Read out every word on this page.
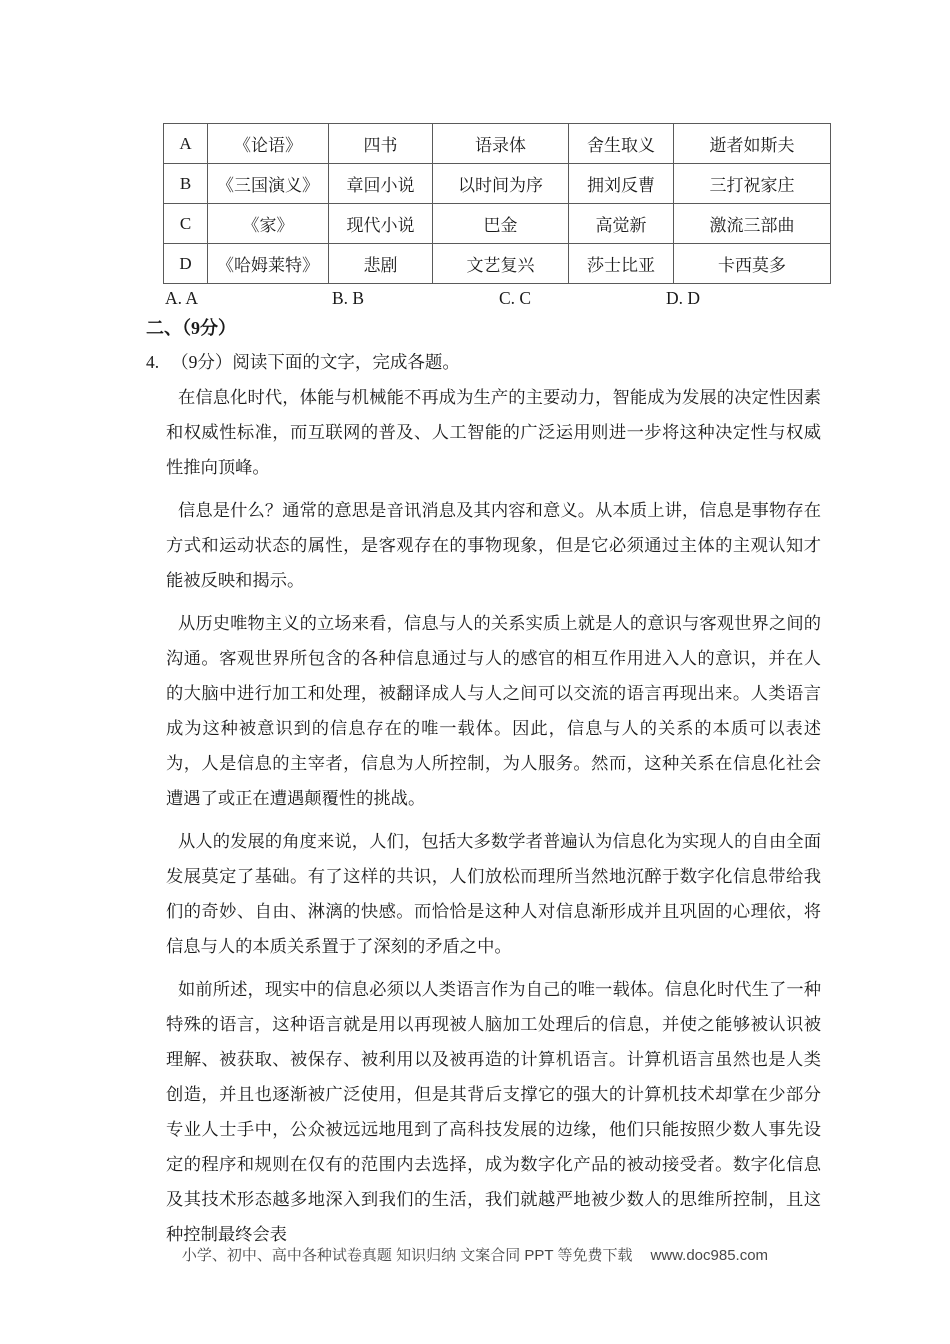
A	《论语》	四书	语录体	舍生取义	逝者如斯夫
B	《三国演义》	章回小说	以时间为序	拥刘反曹	三打祝家庄
C	《家》	现代小说	巴金	高觉新	激流三部曲
D	《哈姆莱特》	悲剧	文艺复兴	莎士比亚	卡西莫多
A. A	B. B	C. C	D. D
二、（9分）
4. （9分）阅读下面的文字，完成各题。

在信息化时代，体能与机械能不再成为生产的主要动力，智能成为发展的决定性因素和权威性标准，而互联网的普及、人工智能的广泛运用则进一步将这种决定性与权威性推向顶峰。

信息是什么？通常的意思是音讯消息及其内容和意义。从本质上讲，信息是事物存在方式和运动状态的属性，是客观存在的事物现象，但是它必须通过主体的主观认知才能被反映和揭示。

从历史唯物主义的立场来看，信息与人的关系实质上就是人的意识与客观世界之间的沟通。客观世界所包含的各种信息通过与人的感官的相互作用进入人的意识，并在人的大脑中进行加工和处理，被翻译成人与人之间可以交流的语言再现出来。人类语言成为这种被意识到的信息存在的唯一载体。因此，信息与人的关系的本质可以表述为，人是信息的主宰者，信息为人所控制，为人服务。然而，这种关系在信息化社会遭遇了或正在遭遇颠覆性的挑战。

从人的发展的角度来说，人们，包括大多数学者普遍认为信息化为实现人的自由全面发展莫定了基础。有了这样的共识，人们放松而理所当然地沉醉于数字化信息带给我们的奇妙、自由、淋漓的快感。而恰恰是这种人对信息渐形成并且巩固的心理依，将信息与人的本质关系置于了深刻的矛盾之中。

如前所述，现实中的信息必须以人类语言作为自己的唯一载体。信息化时代生了一种特殊的语言，这种语言就是用以再现被人脑加工处理后的信息，并使之能够被认识被理解、被获取、被保存、被利用以及被再造的计算机语言。计算机语言虽然也是人类创造，并且也逐渐被广泛使用，但是其背后支撑它的强大的计算机技术却掌在少部分专业人士手中，公众被远远地甩到了高科技发展的边缘，他们只能按照少数人事先设定的程序和规则在仅有的范围内去选择，成为数字化产品的被动接受者。数字化信息及其技术形态越多地深入到我们的生活，我们就越严地被少数人的思维所控制，且这种控制最终会表

小学、初中、高中各种试卷真题 知识归纳 文案合同 PPT 等免费下载 www.doc985.com
